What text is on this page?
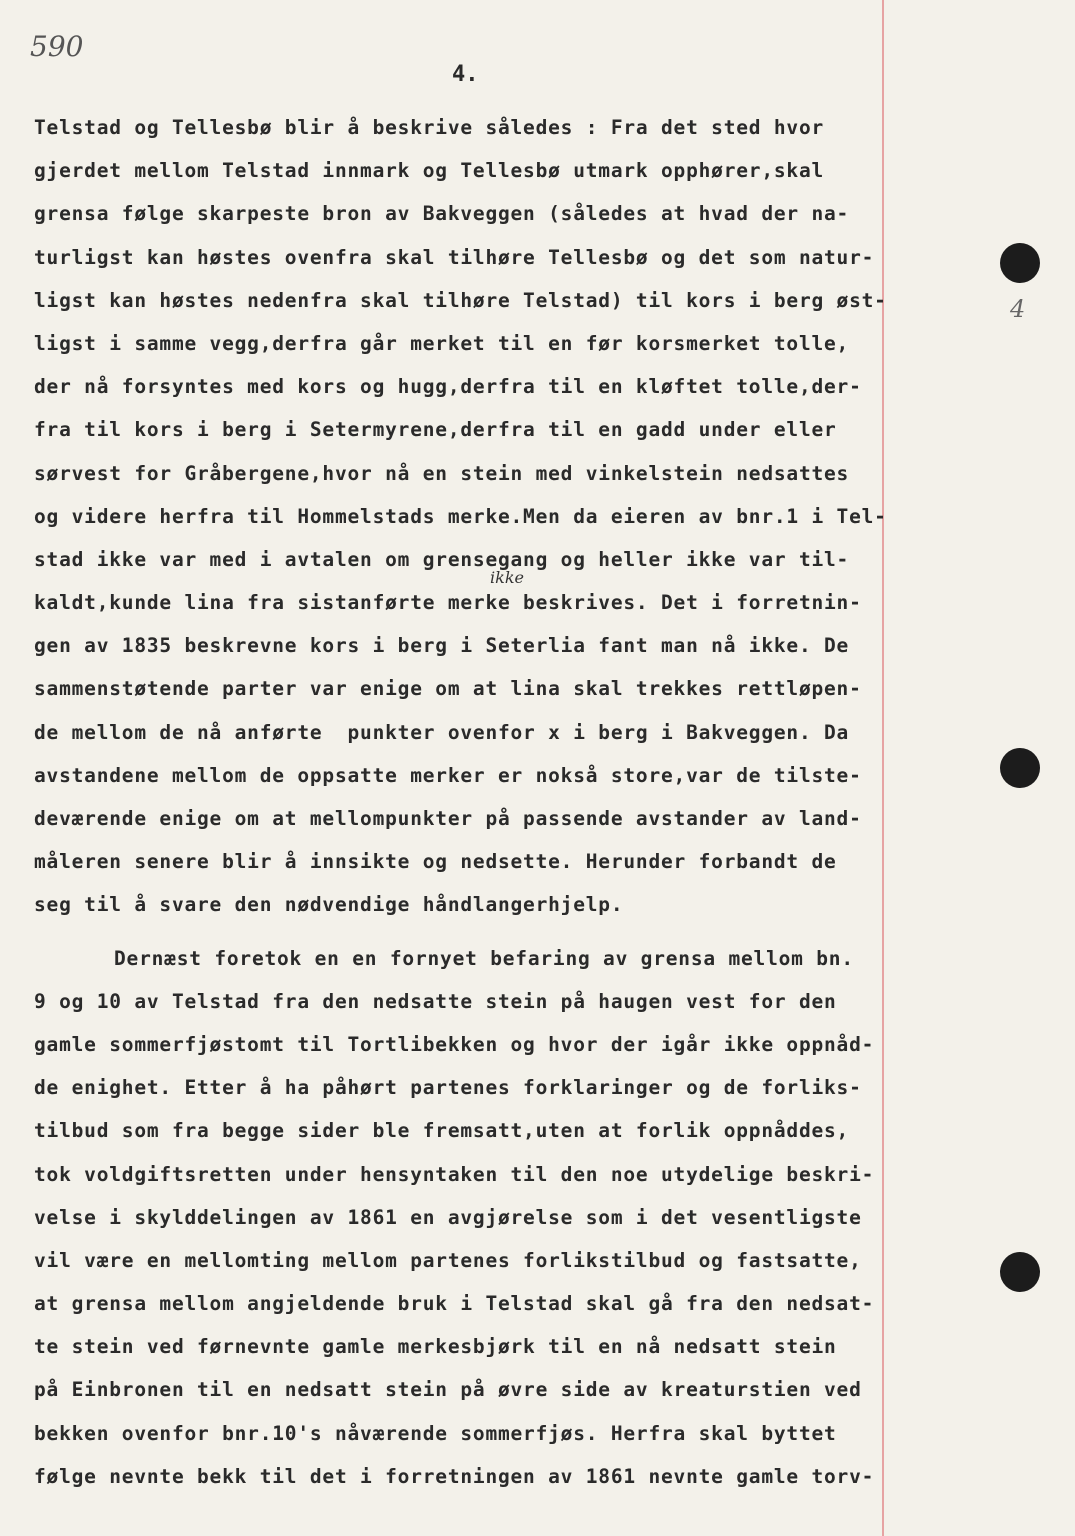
590
4.
4
ikke
Telstad og Tellesbø blir å beskrive således : Fra det sted hvor
gjerdet mellom Telstad innmark og Tellesbø utmark opphører,skal
grensa følge skarpeste bron av Bakveggen (således at hvad der na-
turligst kan høstes ovenfra skal tilhøre Tellesbø og det som natur-
ligst kan høstes nedenfra skal tilhøre Telstad) til kors i berg øst-
ligst i samme vegg,derfra går merket til en før korsmerket tolle,
der nå forsyntes med kors og hugg,derfra til en kløftet tolle,der-
fra til kors i berg i Setermyrene,derfra til en gadd under eller
sørvest for Gråbergene,hvor nå en stein med vinkelstein nedsattes
og videre herfra til Hommelstads merke.Men da eieren av bnr.1 i Tel-
stad ikke var med i avtalen om grensegang og heller ikke var til-
kaldt,kunde lina fra sistanførte merke beskrives. Det i forretnin-
gen av 1835 beskrevne kors i berg i Seterlia fant man nå ikke. De
sammenstøtende parter var enige om at lina skal trekkes rettløpen-
de mellom de nå anførte  punkter ovenfor x i berg i Bakveggen. Da
avstandene mellom de oppsatte merker er nokså store,var de tilste-
deværende enige om at mellompunkter på passende avstander av land-
måleren senere blir å innsikte og nedsette. Herunder forbandt de
seg til å svare den nødvendige håndlangerhjelp.
Dernæst foretok en en fornyet befaring av grensa mellom bn.
9 og 10 av Telstad fra den nedsatte stein på haugen vest for den
gamle sommerfjøstomt til Tortlibekken og hvor der igår ikke oppnåd-
de enighet. Etter å ha påhørt partenes forklaringer og de forliks-
tilbud som fra begge sider ble fremsatt,uten at forlik oppnåddes,
tok voldgiftsretten under hensyntaken til den noe utydelige beskri-
velse i skylddelingen av 1861 en avgjørelse som i det vesentligste
vil være en mellomting mellom partenes forlikstilbud og fastsatte,
at grensa mellom angjeldende bruk i Telstad skal gå fra den nedsat-
te stein ved førnevnte gamle merkesbjørk til en nå nedsatt stein
på Einbronen til en nedsatt stein på øvre side av kreaturstien ved
bekken ovenfor bnr.10's nåværende sommerfjøs. Herfra skal byttet
følge nevnte bekk til det i forretningen av 1861 nevnte gamle torv-
